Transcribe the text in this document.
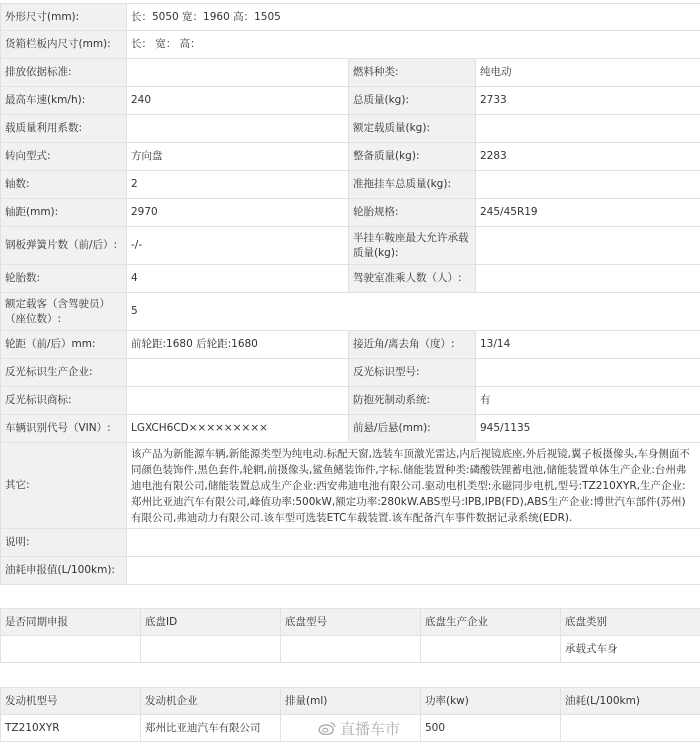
外形尺寸(mm):	长：5050 宽：1960 高：1505		
货箱栏板内尺寸(mm):	长： 宽： 高：		
排放依据标准:		燃料种类:	纯电动
最高车速(km/h):	240	总质量(kg):	2733
载质量利用系数:		额定载质量(kg):	
转向型式:	方向盘	整备质量(kg):	2283
轴数:	2	准拖挂车总质量(kg):	
轴距(mm):	2970	轮胎规格:	245/45R19
钢板弹簧片数（前/后）:	-/-	半挂车鞍座最大允许承载质量(kg):	
轮胎数:	4	驾驶室准乘人数（人）:	
额定载客（含驾驶员）（座位数）:	5		
轮距（前/后）mm:	前轮距:1680 后轮距:1680	接近角/离去角（度）:	13/14
反光标识生产企业:		反光标识型号:	
反光标识商标:		防抱死制动系统:	有
车辆识别代号（VIN）:	LGXCH6CD×××××××××	前悬/后悬(mm):	945/1135
其它:	该产品为新能源车辆,新能源类型为纯电动.标配天窗,选装车顶激光雷达,内后视镜底座,外后视镜,翼子板摄像头,车身侧面不同颜色装饰件,黑色套件,轮辋,前摄像头,鲨鱼鳍装饰件,字标.储能装置种类:磷酸铁锂蓄电池,储能装置单体生产企业:台州弗迪电池有限公司,储能装置总成生产企业:西安弗迪电池有限公司.驱动电机类型:永磁同步电机,型号:TZ210XYR,生产企业:郑州比亚迪汽车有限公司,峰值功率:500kW,额定功率:280kW.ABS型号:IPB,IPB(FD),ABS生产企业:博世汽车部件(苏州)有限公司,弗迪动力有限公司.该车型可选装ETC车载装置.该车配备汽车事件数据记录系统(EDR).		
说明:			
油耗申报值(L/100km):			
是否同期申报	底盘ID	底盘型号	底盘生产企业	底盘类别
				承载式车身
发动机型号	发动机企业	排量(ml)	功率(kw)	油耗(L/100km)
TZ210XYR	郑州比亚迪汽车有限公司		500	
直播车市
